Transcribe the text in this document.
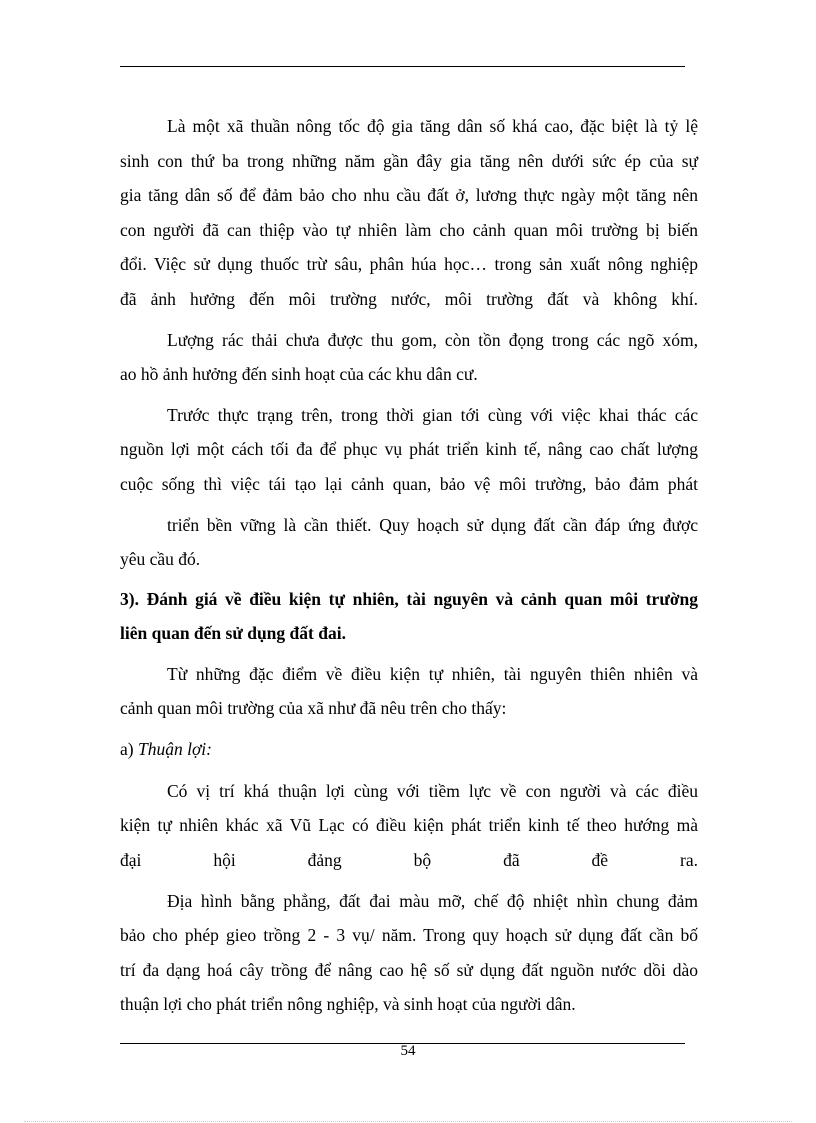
a) Thuận lợi:
Là một xã thuần nông tốc độ gia tăng dân số khá cao, đặc biệt là tỷ lệ
sinh con thứ ba trong những năm gần đây gia tăng nên dưới sức ép của sự
gia tăng dân số để đảm bảo cho nhu cầu đất ở, lương thực ngày một tăng nên
con người đã can thiệp vào tự nhiên làm cho cảnh quan môi trường bị biến
đổi. Việc sử dụng thuốc trừ sâu, phân húa học… trong sản xuất nông nghiệp
đã ảnh hưởng đến môi trường nước, môi trường đất và không khí.
Lượng rác thải chưa được thu gom, còn tồn đọng trong các ngõ xóm,
ao hồ ảnh hưởng đến sinh hoạt của các khu dân cư.
Trước thực trạng trên, trong thời gian tới cùng với việc khai thác các
nguồn lợi một cách tối đa để phục vụ phát triển kinh tế, nâng cao chất lượng
cuộc sống thì việc tái tạo lại cảnh quan, bảo vệ môi trường, bảo đảm phát
triển bền vững là cần thiết. Quy hoạch sử dụng đất cần đáp ứng được
yêu cầu đó.
3). Đánh giá về điều kiện tự nhiên, tài nguyên và cảnh quan môi trường
liên quan đến sử dụng đất đai.
Từ những đặc điểm về điều kiện tự nhiên, tài nguyên thiên nhiên và
cảnh quan môi trường của xã như đã nêu trên cho thấy:
Có vị trí khá thuận lợi cùng với tiềm lực về con người và các điều
kiện tự nhiên khác xã Vũ Lạc có điều kiện phát triển kinh tế theo hướng mà
đại hội đảng bộ đã đề ra.
Địa hình bằng phẳng, đất đai màu mỡ, chế độ nhiệt nhìn chung đảm
bảo cho phép gieo trồng 2 - 3 vụ/ năm. Trong quy hoạch sử dụng đất cần bố
trí đa dạng hoá cây trồng để nâng cao hệ số sử dụng đất nguồn nước dồi dào
thuận lợi cho phát triển nông nghiệp, và sinh hoạt của người dân.
54
